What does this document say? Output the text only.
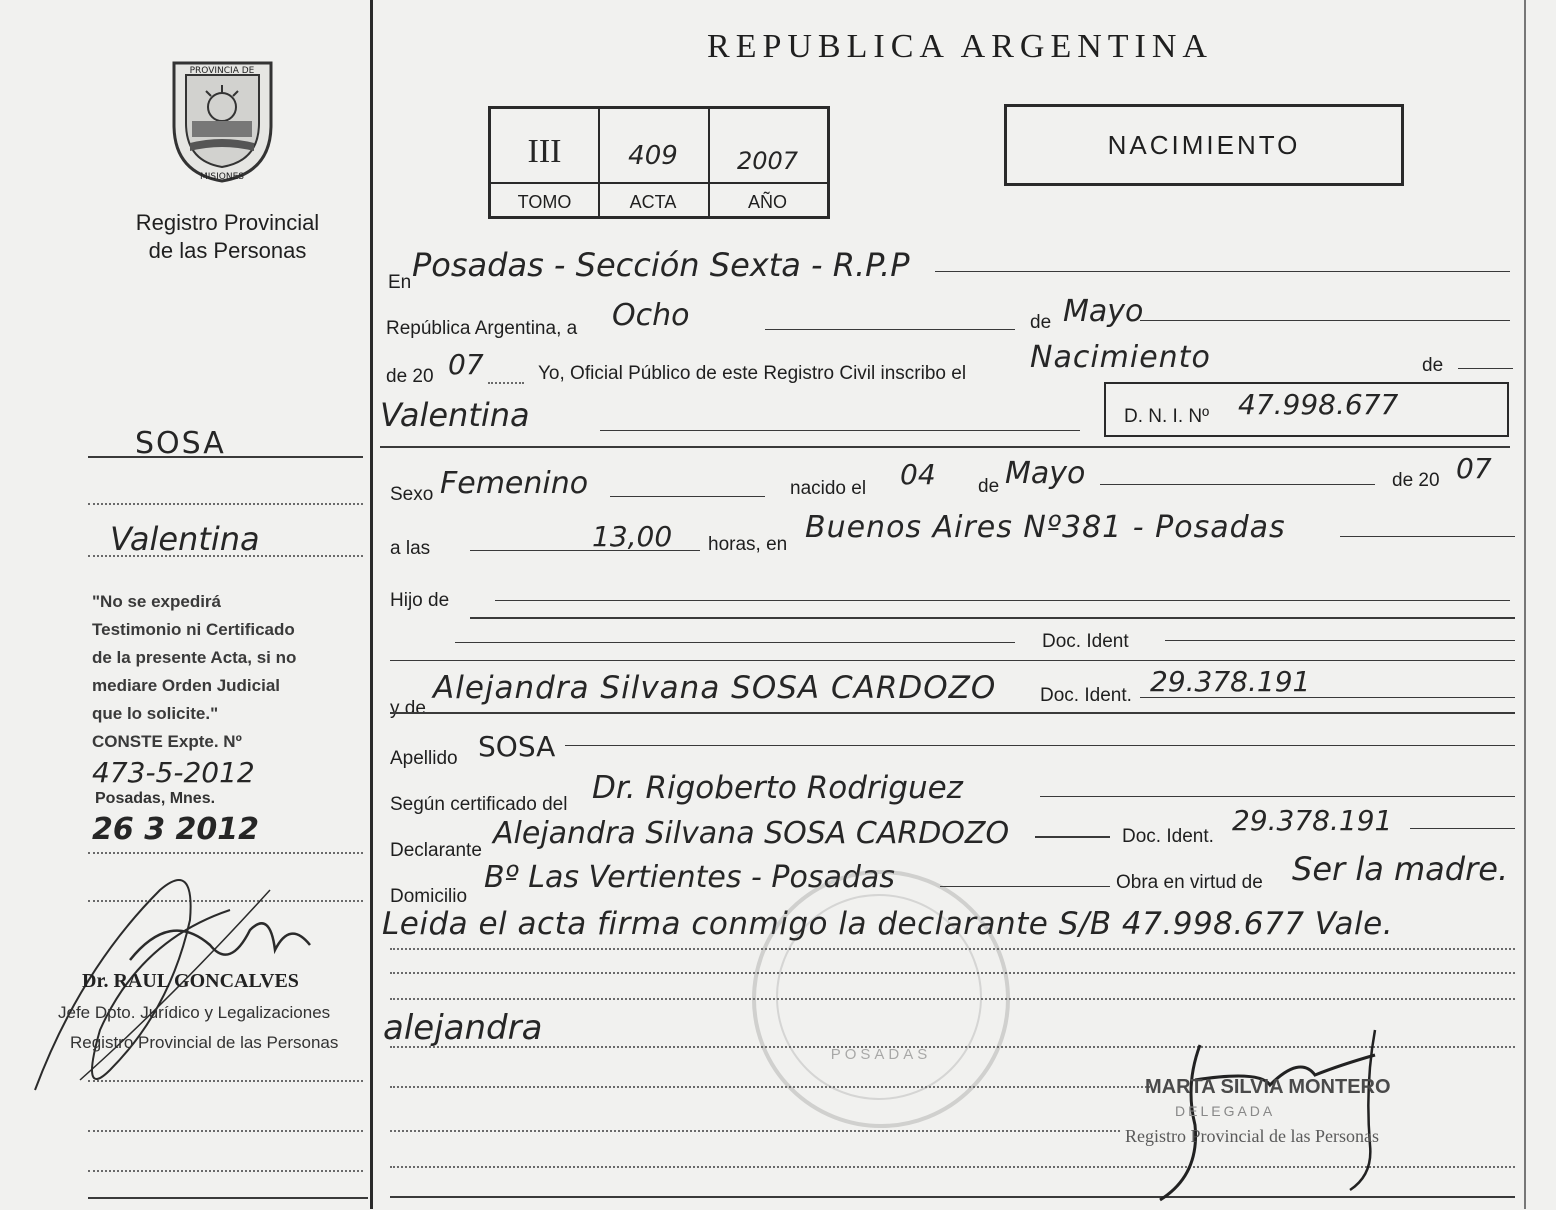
PROVINCIA DE
MISIONES
Registro Provincial
de las Personas
SOSA
Valentina
"No se expedirá
Testimonio ni Certificado
de la presente Acta, si no
mediare Orden Judicial
que lo solicite."
CONSTE Expte. Nº
473-5-2012
Posadas, Mnes.
26 3 2012
Dr. RAUL GONCALVES
Jefe Dpto. Jurídico y Legalizaciones
Registro Provincial de las Personas
REPUBLICA ARGENTINA
III	409	2007
TOMO	ACTA	AÑO
NACIMIENTO
En Posadas - Sección Sexta - R.P.P
República Argentina, a Ocho	de Mayo
de 20 07	Yo, Oficial Público de este Registro Civil inscribo el Nacimiento	de
Valentina	D. N. I. Nº 47.998.677
Sexo Femenino	nacido el 04 de Mayo	de 20 07
a las	13,00 horas, en Buenos Aires Nº381 - Posadas
Hijo de
Doc. Ident
y de
Alejandra Silvana SOSA CARDOZO Doc. Ident. 29.378.191
Apellido SOSA
Según certificado del Dr. Rigoberto Rodriguez
Declarante Alejandra Silvana SOSA CARDOZO	Doc. Ident. 29.378.191
Domicilio
Bº Las Vertientes - Posadas	Obra en virtud de Ser la madre.
Leida el acta firma conmigo la declarante S/B 47.998.677 Vale.
alejandra
POSADAS
MARTA SILVIA MONTERO
DELEGADA
Registro Provincial de las Personas
